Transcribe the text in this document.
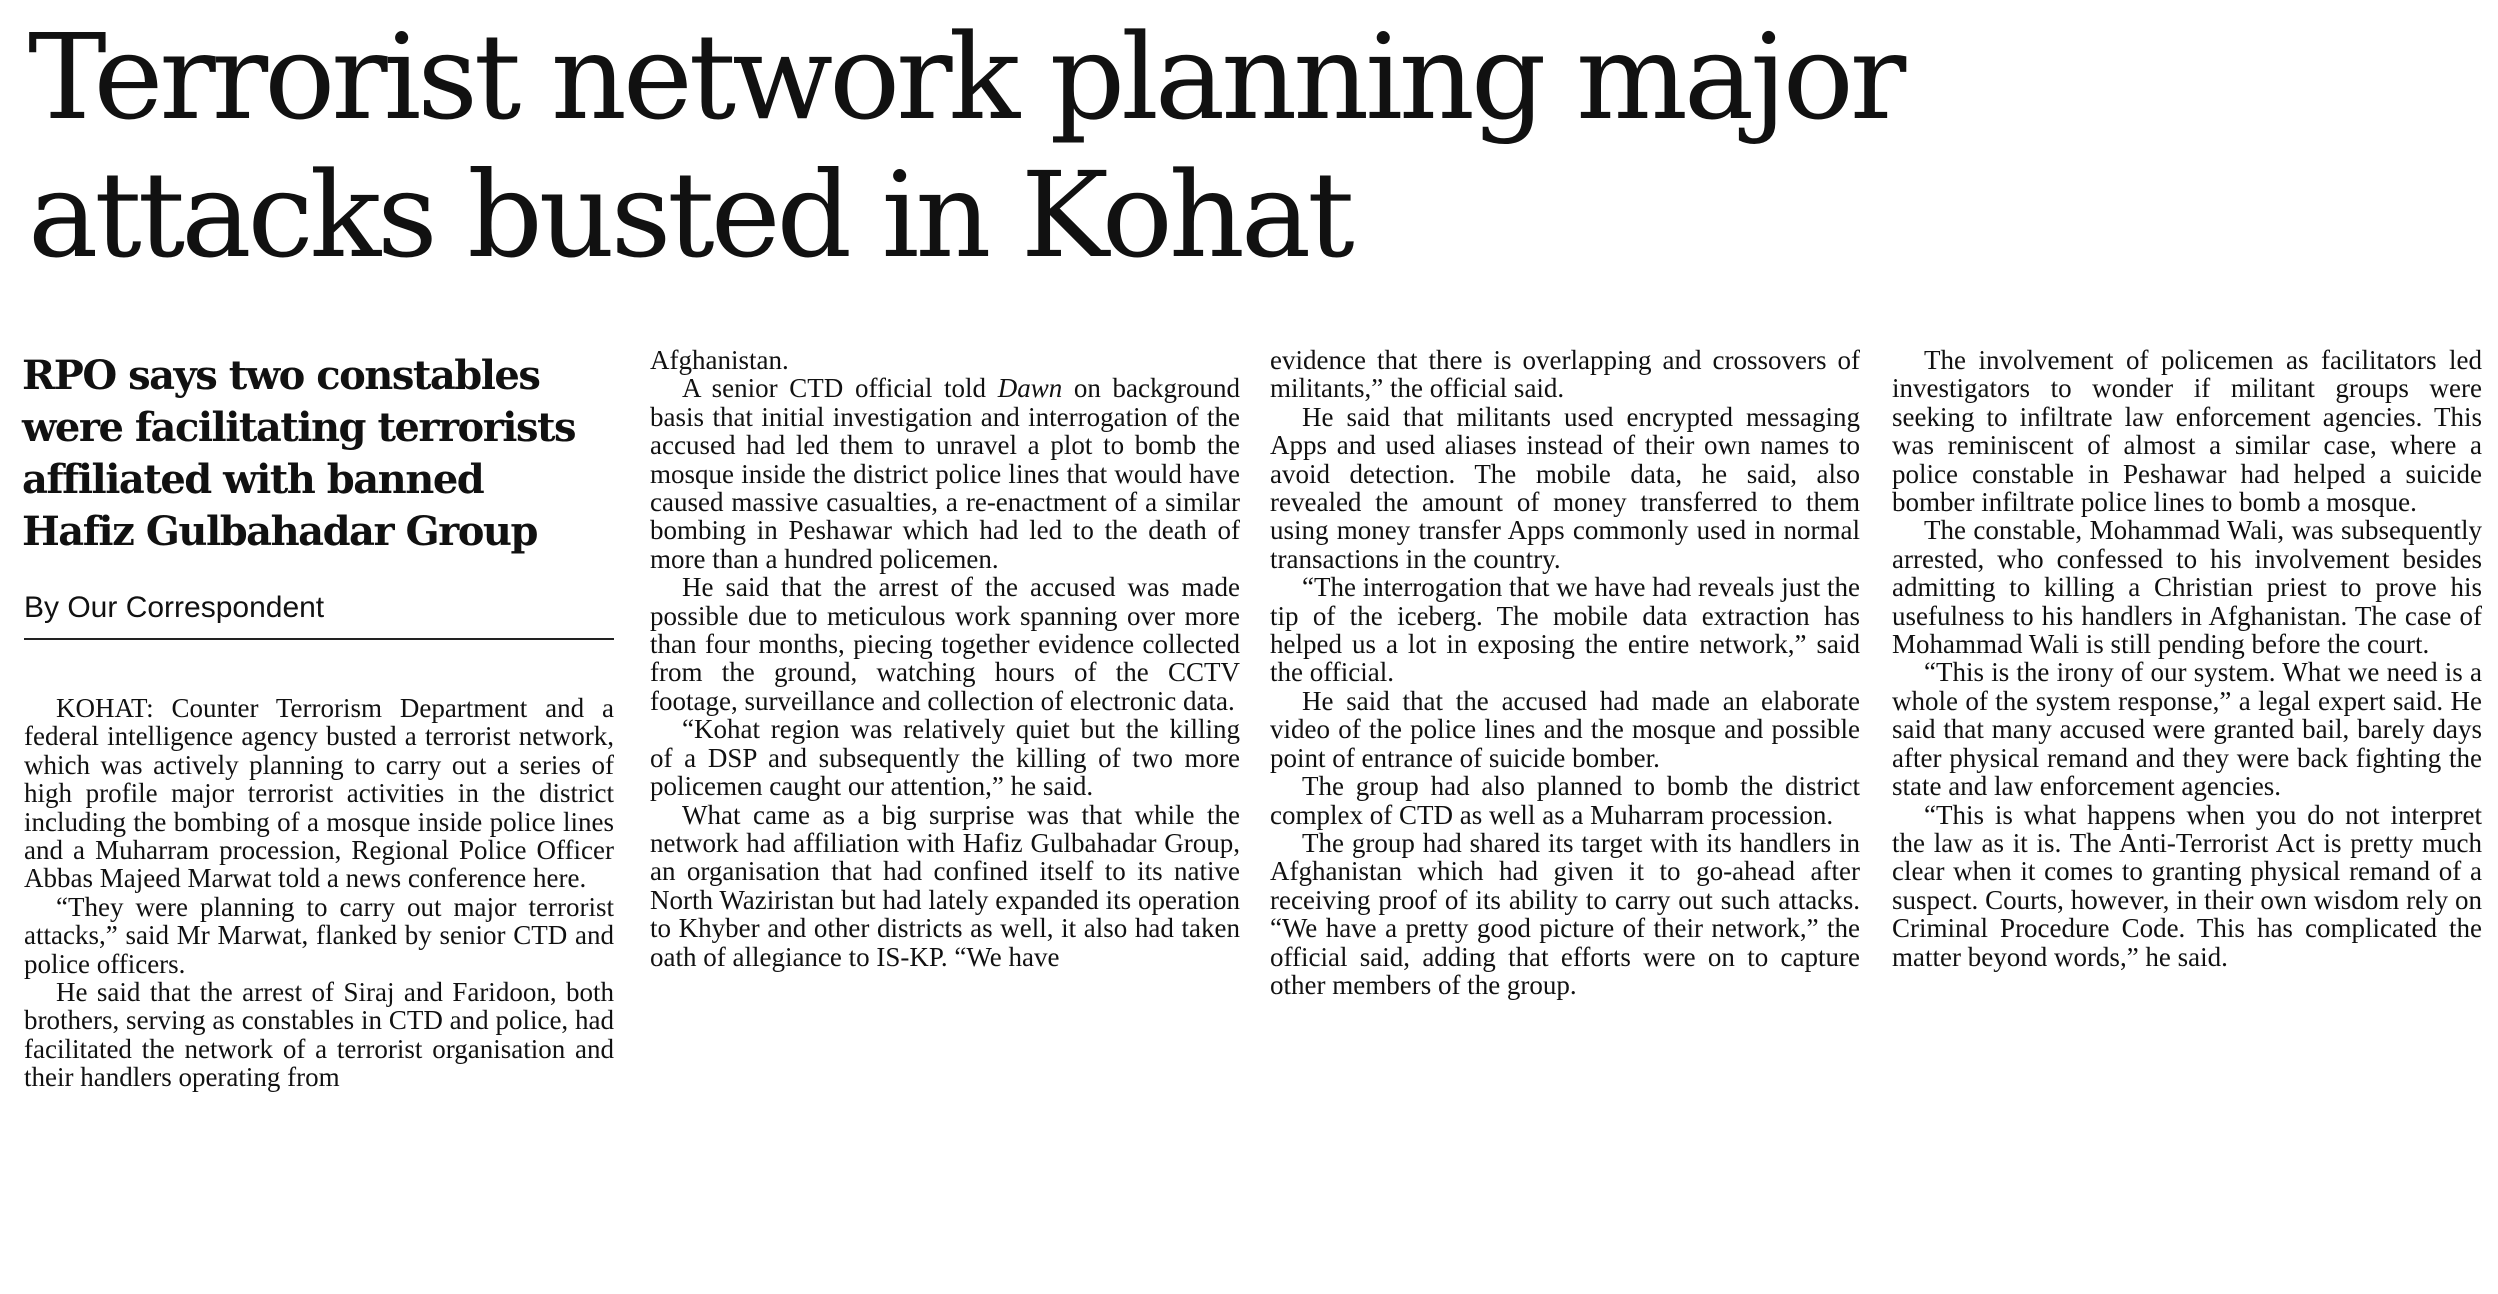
Terrorist network planning major
attacks busted in Kohat
RPO says two constables
were facilitating terrorists
affiliated with banned
Hafiz Gulbahadar Group
By Our Correspondent

KOHAT: Counter Terrorism Department and a federal intelligence agency busted a terrorist network, which was actively planning to carry out a series of high profile major terrorist activities in the district including the bombing of a mosque inside police lines and a Muharram procession, Regional Police Officer Abbas Majeed Marwat told a news conference here.

“They were planning to carry out major terrorist attacks,” said Mr Marwat, flanked by senior CTD and police officers.

He said that the arrest of Siraj and Faridoon, both brothers, serving as constables in CTD and police, had facilitated the network of a terrorist organisation and their handlers operating from

Afghanistan.

A senior CTD official told Dawn on background basis that initial investigation and interrogation of the accused had led them to unravel a plot to bomb the mosque inside the district police lines that would have caused massive casualties, a re-enactment of a similar bombing in Peshawar which had led to the death of more than a hundred policemen.

He said that the arrest of the accused was made possible due to meticulous work spanning over more than four months, piecing together evidence collected from the ground, watching hours of the CCTV footage, surveillance and collection of electronic data.

“Kohat region was relatively quiet but the killing of a DSP and subsequently the killing of two more policemen caught our attention,” he said.

What came as a big surprise was that while the network had affiliation with Hafiz Gulbahadar Group, an organisation that had confined itself to its native North Waziristan but had lately expanded its operation to Khyber and other districts as well, it also had taken oath of allegiance to IS-KP. “We have

evidence that there is overlapping and crossovers of militants,” the official said.

He said that militants used encrypted messaging Apps and used aliases instead of their own names to avoid detection. The mobile data, he said, also revealed the amount of money transferred to them using money transfer Apps commonly used in normal transactions in the country.

“The interrogation that we have had reveals just the tip of the iceberg. The mobile data extraction has helped us a lot in exposing the entire network,” said the official.

He said that the accused had made an elaborate video of the police lines and the mosque and possible point of entrance of suicide bomber.

The group had also planned to bomb the district complex of CTD as well as a Muharram procession.

The group had shared its target with its handlers in Afghanistan which had given it to go-ahead after receiving proof of its ability to carry out such attacks. “We have a pretty good picture of their network,” the official said, adding that efforts were on to capture other members of the group.

The involvement of policemen as facilitators led investigators to wonder if militant groups were seeking to infiltrate law enforcement agencies. This was reminiscent of almost a similar case, where a police constable in Peshawar had helped a suicide bomber infiltrate police lines to bomb a mosque.

The constable, Mohammad Wali, was subsequently arrested, who confessed to his involvement besides admitting to killing a Christian priest to prove his usefulness to his handlers in Afghanistan. The case of Mohammad Wali is still pending before the court.

“This is the irony of our system. What we need is a whole of the system response,” a legal expert said. He said that many accused were granted bail, barely days after physical remand and they were back fighting the state and law enforcement agencies.

“This is what happens when you do not interpret the law as it is. The Anti-Terrorist Act is pretty much clear when it comes to granting physical remand of a suspect. Courts, however, in their own wisdom rely on Criminal Procedure Code. This has complicated the matter beyond words,” he said.
